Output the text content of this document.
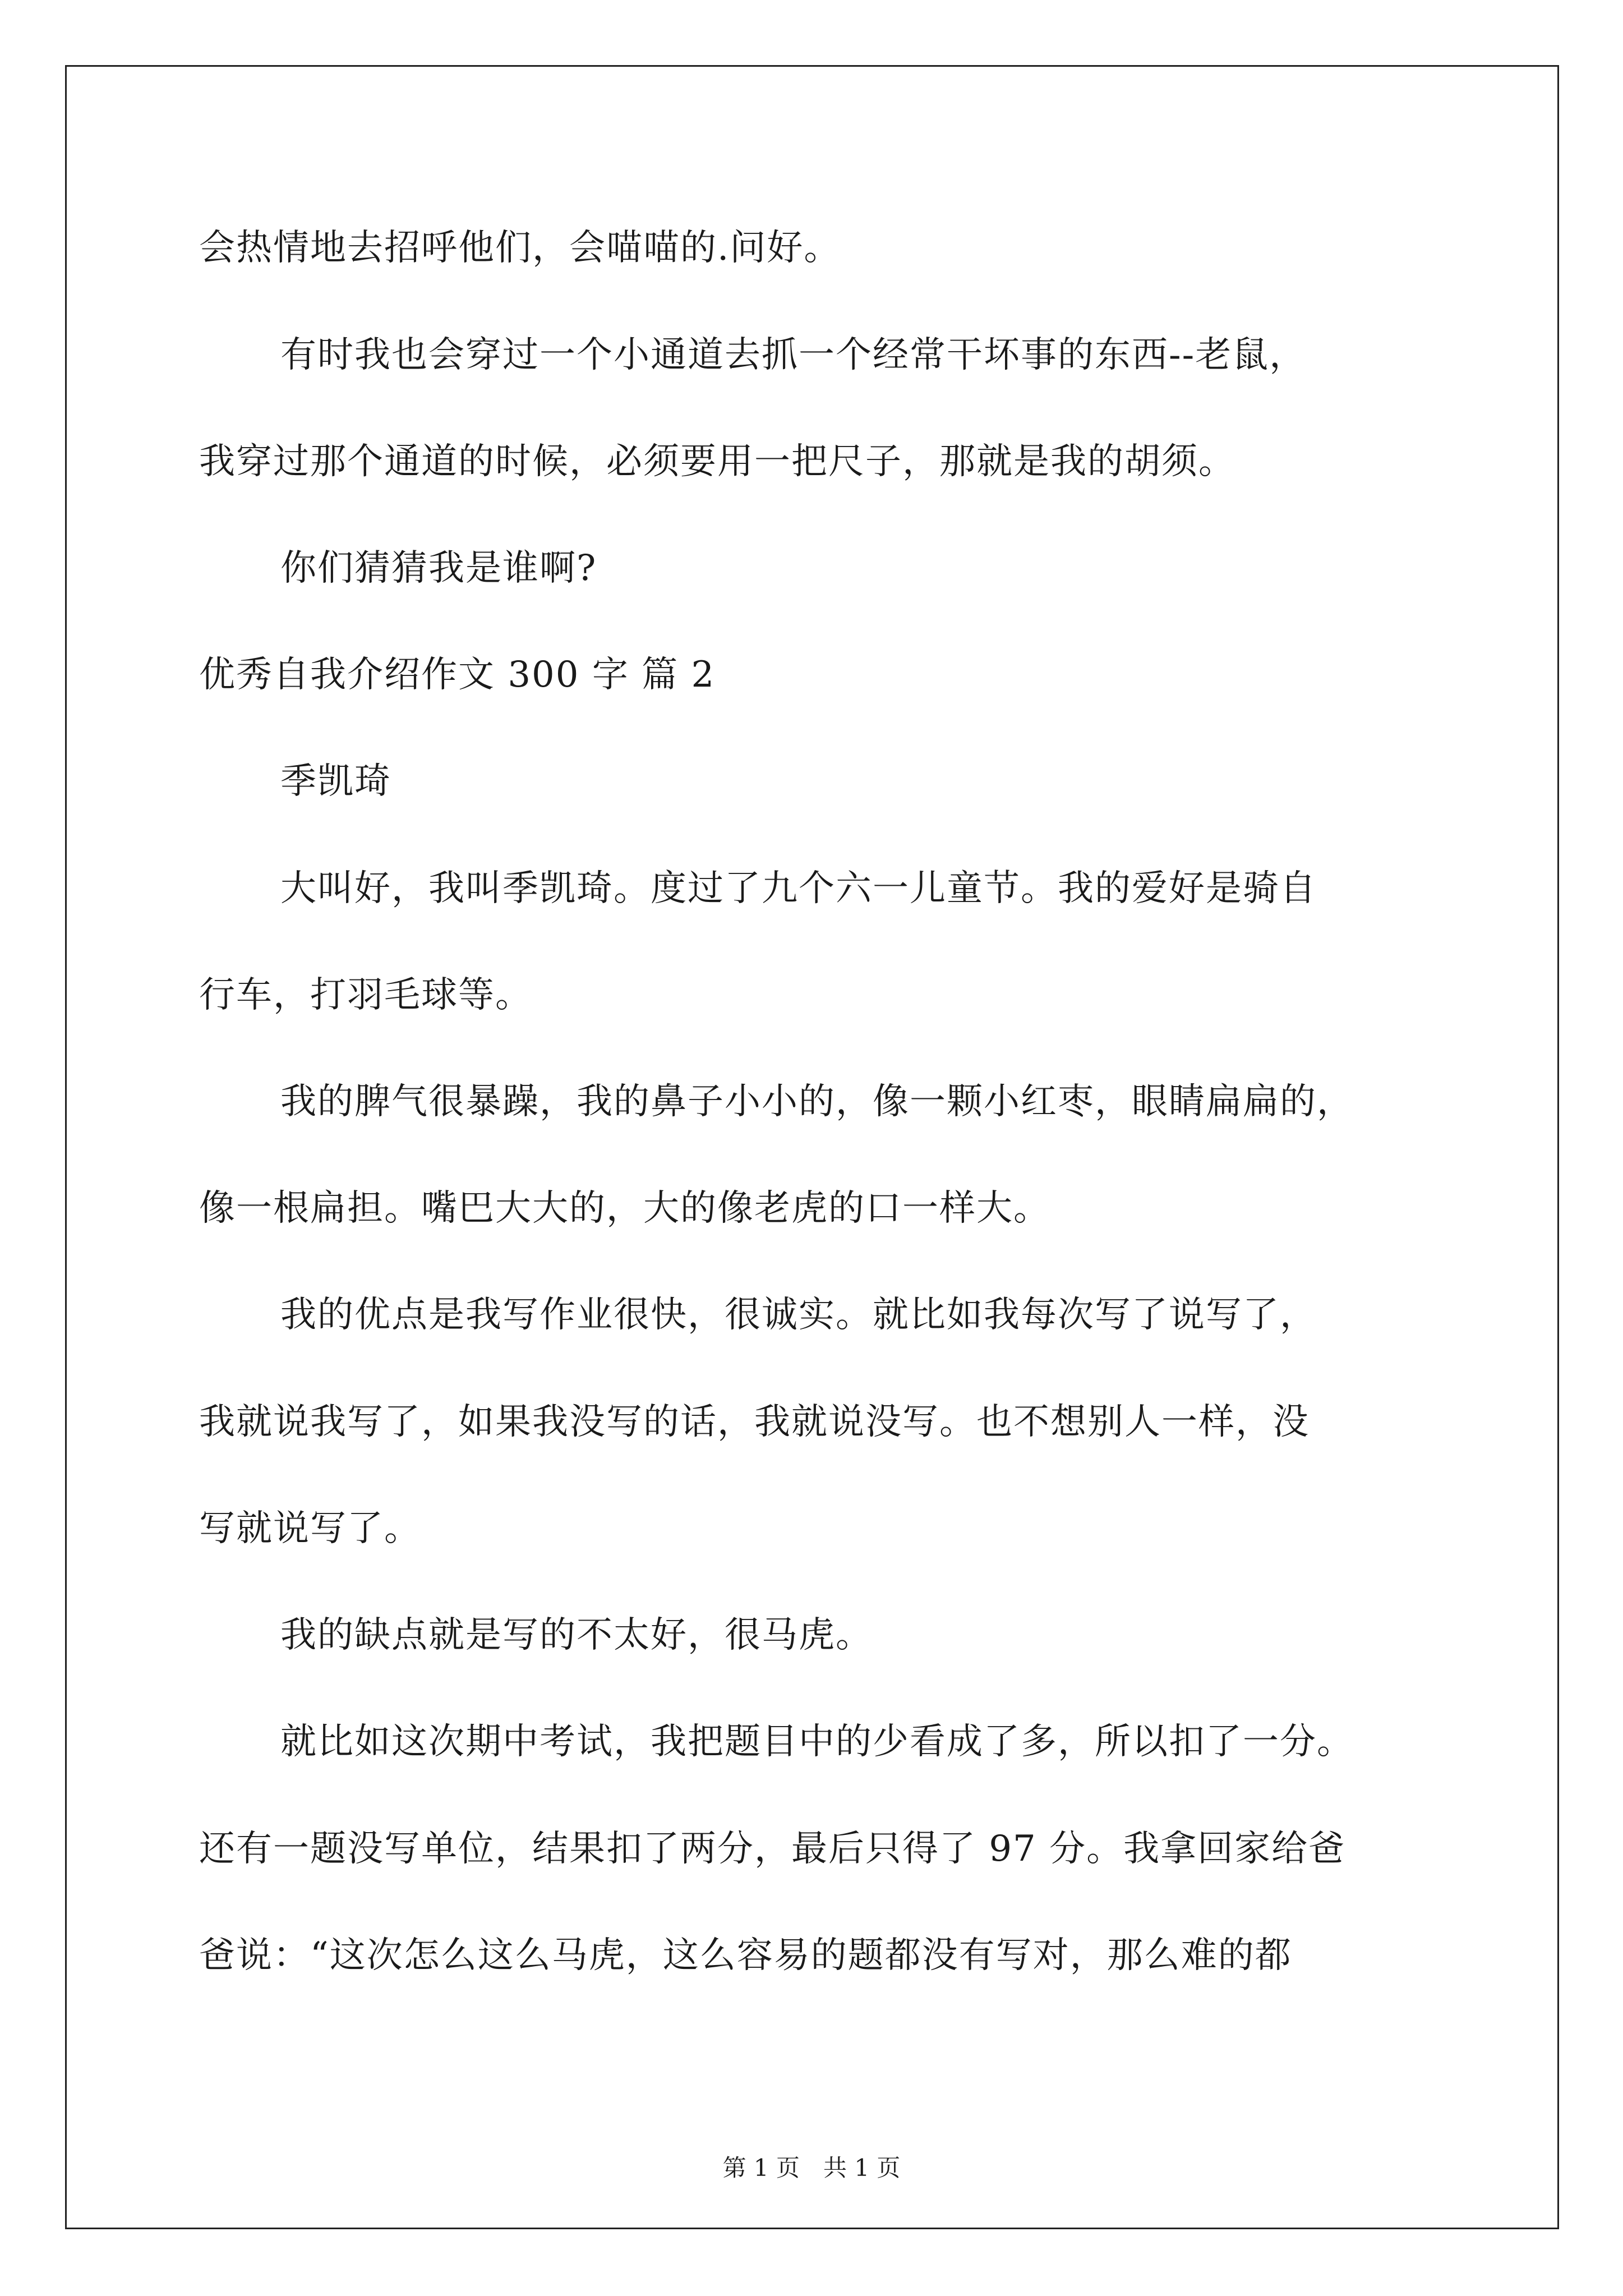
会热情地去招呼他们，会喵喵的.问好。
有时我也会穿过一个小通道去抓一个经常干坏事的东西--老鼠，
我穿过那个通道的时候，必须要用一把尺子，那就是我的胡须。
你们猜猜我是谁啊?
优秀自我介绍作文 300 字 篇 2
季凯琦
大叫好，我叫季凯琦。度过了九个六一儿童节。我的爱好是骑自
行车，打羽毛球等。
我的脾气很暴躁，我的鼻子小小的，像一颗小红枣，眼睛扁扁的，
像一根扁担。嘴巴大大的，大的像老虎的口一样大。
我的优点是我写作业很快，很诚实。就比如我每次写了说写了，
我就说我写了，如果我没写的话，我就说没写。也不想别人一样，没
写就说写了。
我的缺点就是写的不太好，很马虎。
就比如这次期中考试，我把题目中的少看成了多，所以扣了一分。
还有一题没写单位，结果扣了两分，最后只得了 97 分。我拿回家给爸
爸说：“这次怎么这么马虎，这么容易的题都没有写对，那么难的都
第 1 页　共 1 页
